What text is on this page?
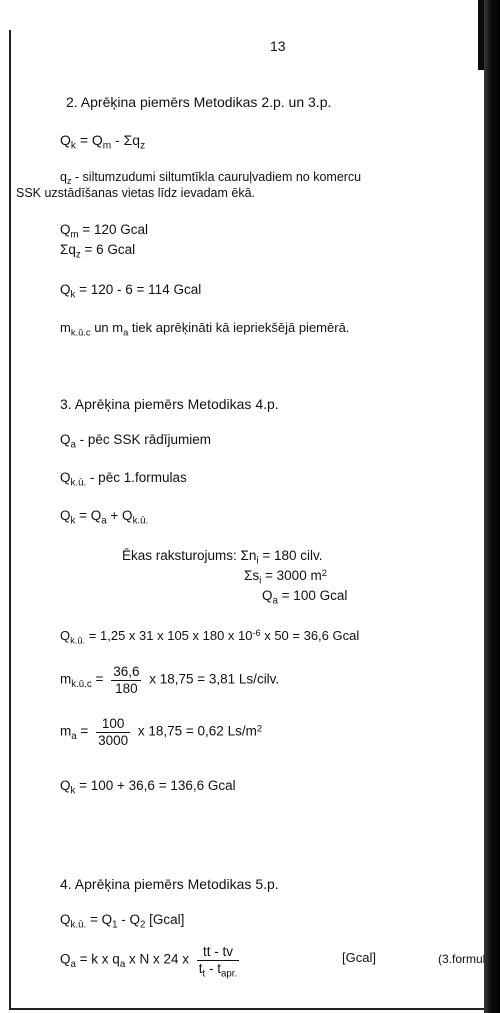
13
2. Aprēķina piemērs Metodikas 2.p. un 3.p.
$Q_k = Q_m - \Sigma q_z$
$q_z$ - siltumzudumi siltumtīkla cauruļvadiem no komercu
SSK uzstādīšanas vietas līdz ievadam ēkā.
$Q_m = 120$ Gcal
$\Sigma q_z = 6$ Gcal
$Q_k = 120 - 6 = 114$ Gcal
$m_{k.ū.c}$ un $m_a$ tiek aprēķināti kā iepriekšējā piemērā.
3. Aprēķina piemērs Metodikas 4.p.
$Q_a$ - pēc SSK rādījumiem
$Q_{k.ū.}$ - pēc 1.formulas
$Q_k = Q_a + Q_{k.ū.}$
Ēkas raksturojums: $\Sigma n_i = 180$ cilv.
$\Sigma s_i = 3000$ $m^2$
$Q_a = 100$ Gcal
$Q_{k.ū.} = 1,25$ x 31 x 105 x 180 x $10^{-6}$ x 50 = 36,6 Gcal
$m_{k.ū.c} = \frac{36,6}{180}$ x 18,75 = 3,81 Ls/cilv.
$m_a = \frac{100}{3000}$ x 18,75 = 0,62 $Ls/m^2$
$Q_k = 100 + 36,6 = 136,6$ Gcal
4. Aprēķina piemērs Metodikas 5.p.
$Q_{k.ū.} = Q_1 - Q_2$ [Gcal]
$Q_a = k$ x $q_a$ x N x 24 x $\frac{tt - tv}{t_t - t_{apr.}}$	[Gcal]	(3.formul
